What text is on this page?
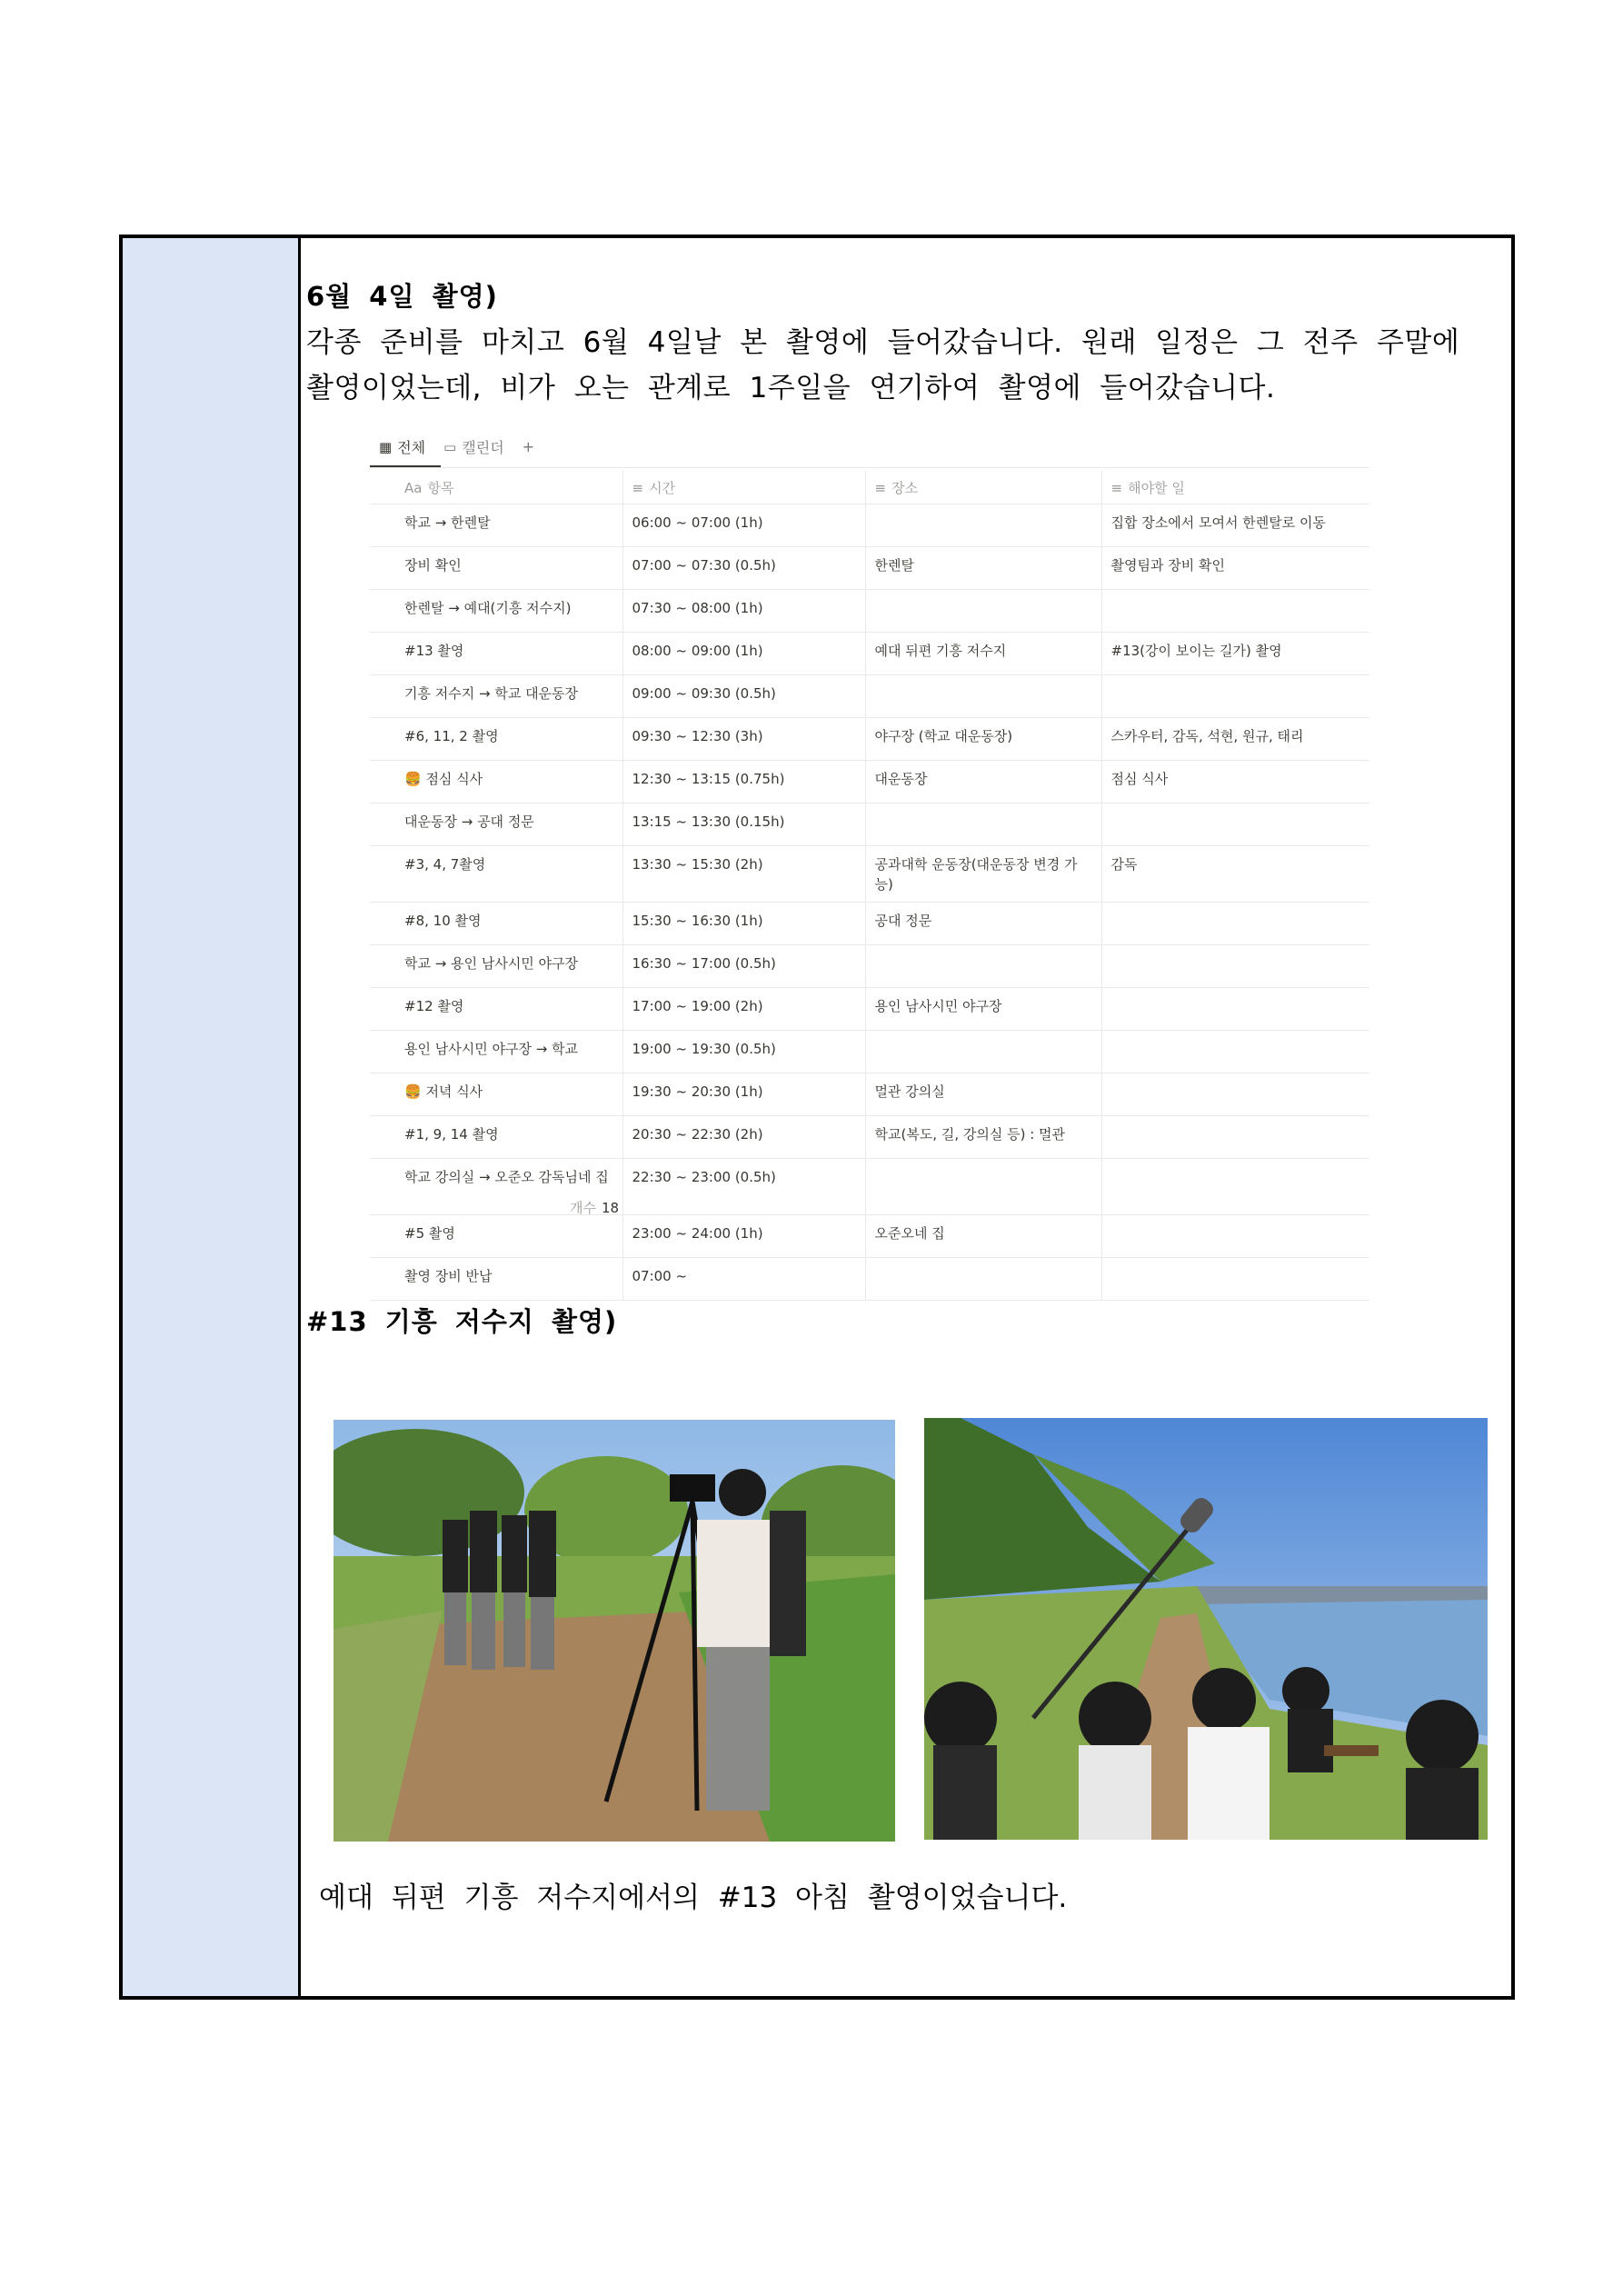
6월 4일 촬영)

각종 준비를 마치고 6월 4일날 본 촬영에 들어갔습니다. 원래 일정은 그 전주 주말에

촬영이었는데, 비가 오는 관계로 1주일을 연기하여 촬영에 들어갔습니다.

▦ 전체 ▭ 캘린더 +
Aa 항목	≡ 시간	≡ 장소	≡ 해야할 일
학교 → 한렌탈	06:00 ~ 07:00 (1h)		집합 장소에서 모여서 한렌탈로 이동
장비 확인	07:00 ~ 07:30 (0.5h)	한렌탈	촬영팀과 장비 확인
한렌탈 → 예대(기흥 저수지)	07:30 ~ 08:00 (1h)		
#13 촬영	08:00 ~ 09:00 (1h)	예대 뒤편 기흥 저수지	#13(강이 보이는 길가) 촬영
기흥 저수지 → 학교 대운동장	09:00 ~ 09:30 (0.5h)		
#6, 11, 2 촬영	09:30 ~ 12:30 (3h)	야구장 (학교 대운동장)	스카우터, 감독, 석현, 원규, 태리
🍔 점심 식사	12:30 ~ 13:15 (0.75h)	대운동장	점심 식사
대운동장 → 공대 정문	13:15 ~ 13:30 (0.15h)		
#3, 4, 7촬영	13:30 ~ 15:30 (2h)	공과대학 운동장(대운동장 변경 가능)	감독
#8, 10 촬영	15:30 ~ 16:30 (1h)	공대 정문	
학교 → 용인 남사시민 야구장	16:30 ~ 17:00 (0.5h)		
#12 촬영	17:00 ~ 19:00 (2h)	용인 남사시민 야구장	
용인 남사시민 야구장 → 학교	19:00 ~ 19:30 (0.5h)		
🍔 저녁 식사	19:30 ~ 20:30 (1h)	멀관 강의실	
#1, 9, 14 촬영	20:30 ~ 22:30 (2h)	학교(복도, 길, 강의실 등) : 멀관	
학교 강의실 → 오준오 감독님네 집	22:30 ~ 23:00 (0.5h)		
#5 촬영	23:00 ~ 24:00 (1h)	오준오네 집	
촬영 장비 반납	07:00 ~		
개수 18
#13 기흥 저수지 촬영)
예대 뒤편 기흥 저수지에서의 #13 아침 촬영이었습니다.
